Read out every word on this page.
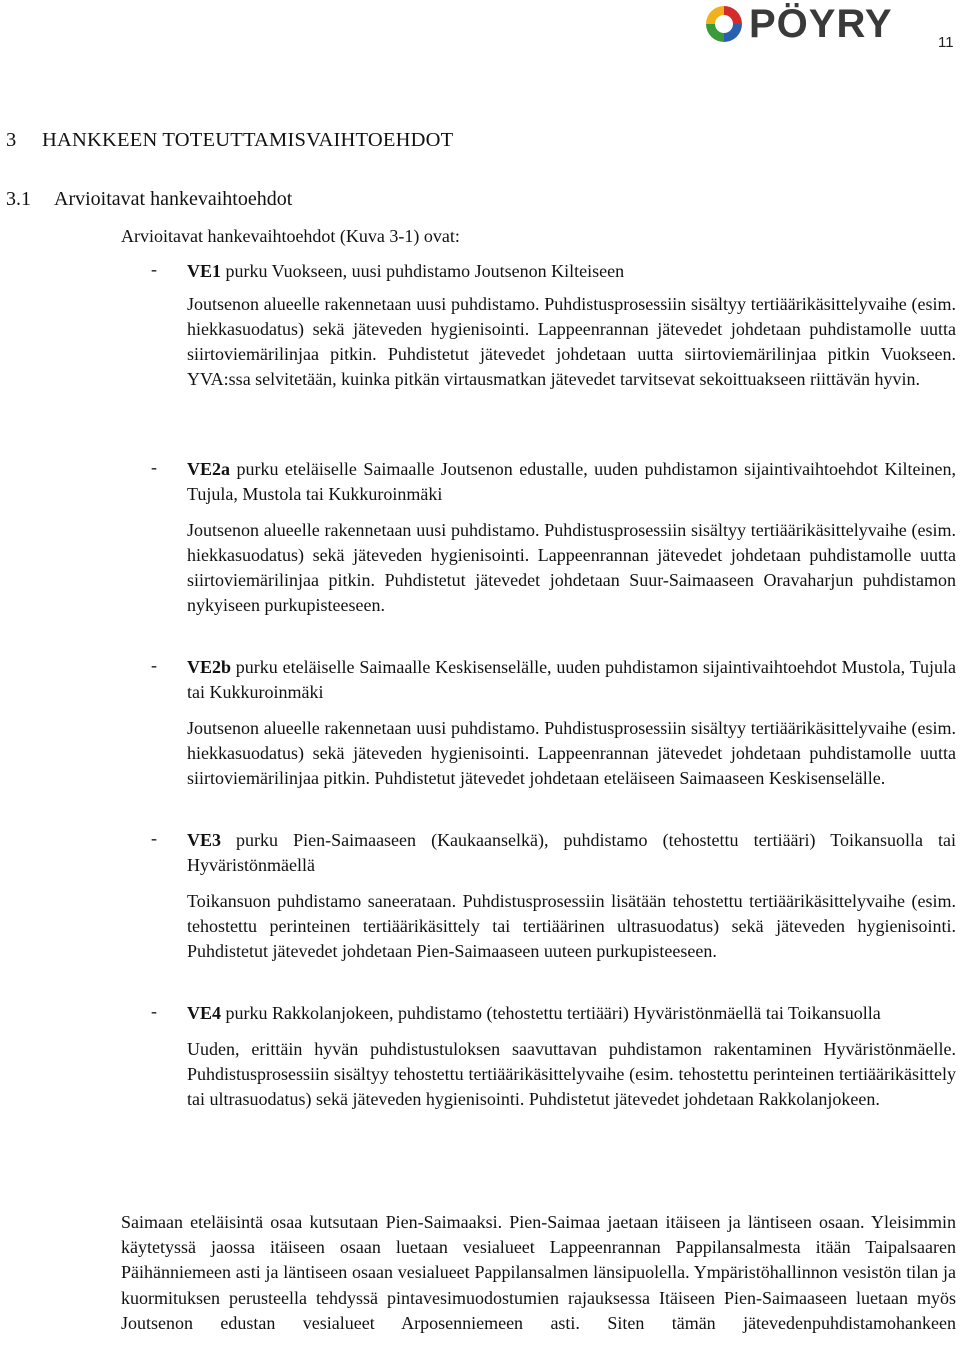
PÖYRY	11
3 HANKKEEN TOTEUTTAMISVAIHTOEHDOT
3.1 Arvioitavat hankevaihtoehdot
Arvioitavat hankevaihtoehdot (Kuva 3-1) ovat:
- VE1 purku Vuokseen, uusi puhdistamo Joutsenon Kilteiseen

Joutsenon alueelle rakennetaan uusi puhdistamo. Puhdistusprosessiin sisältyy tertiäärikäsittelyvaihe (esim. hiekkasuodatus) sekä jäteveden hygienisointi. Lappeenrannan jätevedet johdetaan puhdistamolle uutta siirtoviemärilinjaa pitkin. Puhdistetut jätevedet johdetaan uutta siirtoviemärilinjaa pitkin Vuokseen. YVA:ssa selvitetään, kuinka pitkän virtausmatkan jätevedet tarvitsevat sekoittuakseen riittävän hyvin.

- VE2a purku eteläiselle Saimaalle Joutsenon edustalle, uuden puhdistamon sijaintivaihtoehdot Kilteinen, Tujula, Mustola tai Kukkuroinmäki

Joutsenon alueelle rakennetaan uusi puhdistamo. Puhdistusprosessiin sisältyy tertiäärikäsittelyvaihe (esim. hiekkasuodatus) sekä jäteveden hygienisointi. Lappeenrannan jätevedet johdetaan puhdistamolle uutta siirtoviemärilinjaa pitkin. Puhdistetut jätevedet johdetaan Suur-Saimaaseen Oravaharjun puhdistamon nykyiseen purkupisteeseen.

- VE2b purku eteläiselle Saimaalle Keskisenselälle, uuden puhdistamon sijaintivaihtoehdot Mustola, Tujula tai Kukkuroinmäki

Joutsenon alueelle rakennetaan uusi puhdistamo. Puhdistusprosessiin sisältyy tertiäärikäsittelyvaihe (esim. hiekkasuodatus) sekä jäteveden hygienisointi. Lappeenrannan jätevedet johdetaan puhdistamolle uutta siirtoviemärilinjaa pitkin. Puhdistetut jätevedet johdetaan eteläiseen Saimaaseen Keskisenselälle.

- VE3 purku Pien-Saimaaseen (Kaukaanselkä), puhdistamo (tehostettu tertiääri) Toikansuolla tai Hyväristönmäellä

Toikansuon puhdistamo saneerataan. Puhdistusprosessiin lisätään tehostettu tertiäärikäsittelyvaihe (esim. tehostettu perinteinen tertiäärikäsittely tai tertiäärinen ultrasuodatus) sekä jäteveden hygienisointi. Puhdistetut jätevedet johdetaan Pien-Saimaaseen uuteen purkupisteeseen.

- VE4 purku Rakkolanjokeen, puhdistamo (tehostettu tertiääri) Hyväristönmäellä tai Toikansuolla

Uuden, erittäin hyvän puhdistustuloksen saavuttavan puhdistamon rakentaminen Hyväristönmäelle. Puhdistusprosessiin sisältyy tehostettu tertiäärikäsittelyvaihe (esim. tehostettu perinteinen tertiäärikäsittely tai ultrasuodatus) sekä jäteveden hygienisointi. Puhdistetut jätevedet johdetaan Rakkolanjokeen.

Saimaan eteläisintä osaa kutsutaan Pien-Saimaaksi. Pien-Saimaa jaetaan itäiseen ja läntiseen osaan. Yleisimmin käytetyssä jaossa itäiseen osaan luetaan vesialueet Lappeenrannan Pappilansalmesta itään Taipalsaaren Päihänniemeen asti ja läntiseen osaan vesialueet Pappilansalmen länsipuolella. Ympäristöhallinnon vesistön tilan ja kuormituksen perusteella tehdyssä pintavesimuodostumien rajauksessa Itäiseen Pien-Saimaaseen luetaan myös Joutsenon edustan vesialueet Arposenniemeen asti. Siten tämän jätevedenpuhdistamohankeen
